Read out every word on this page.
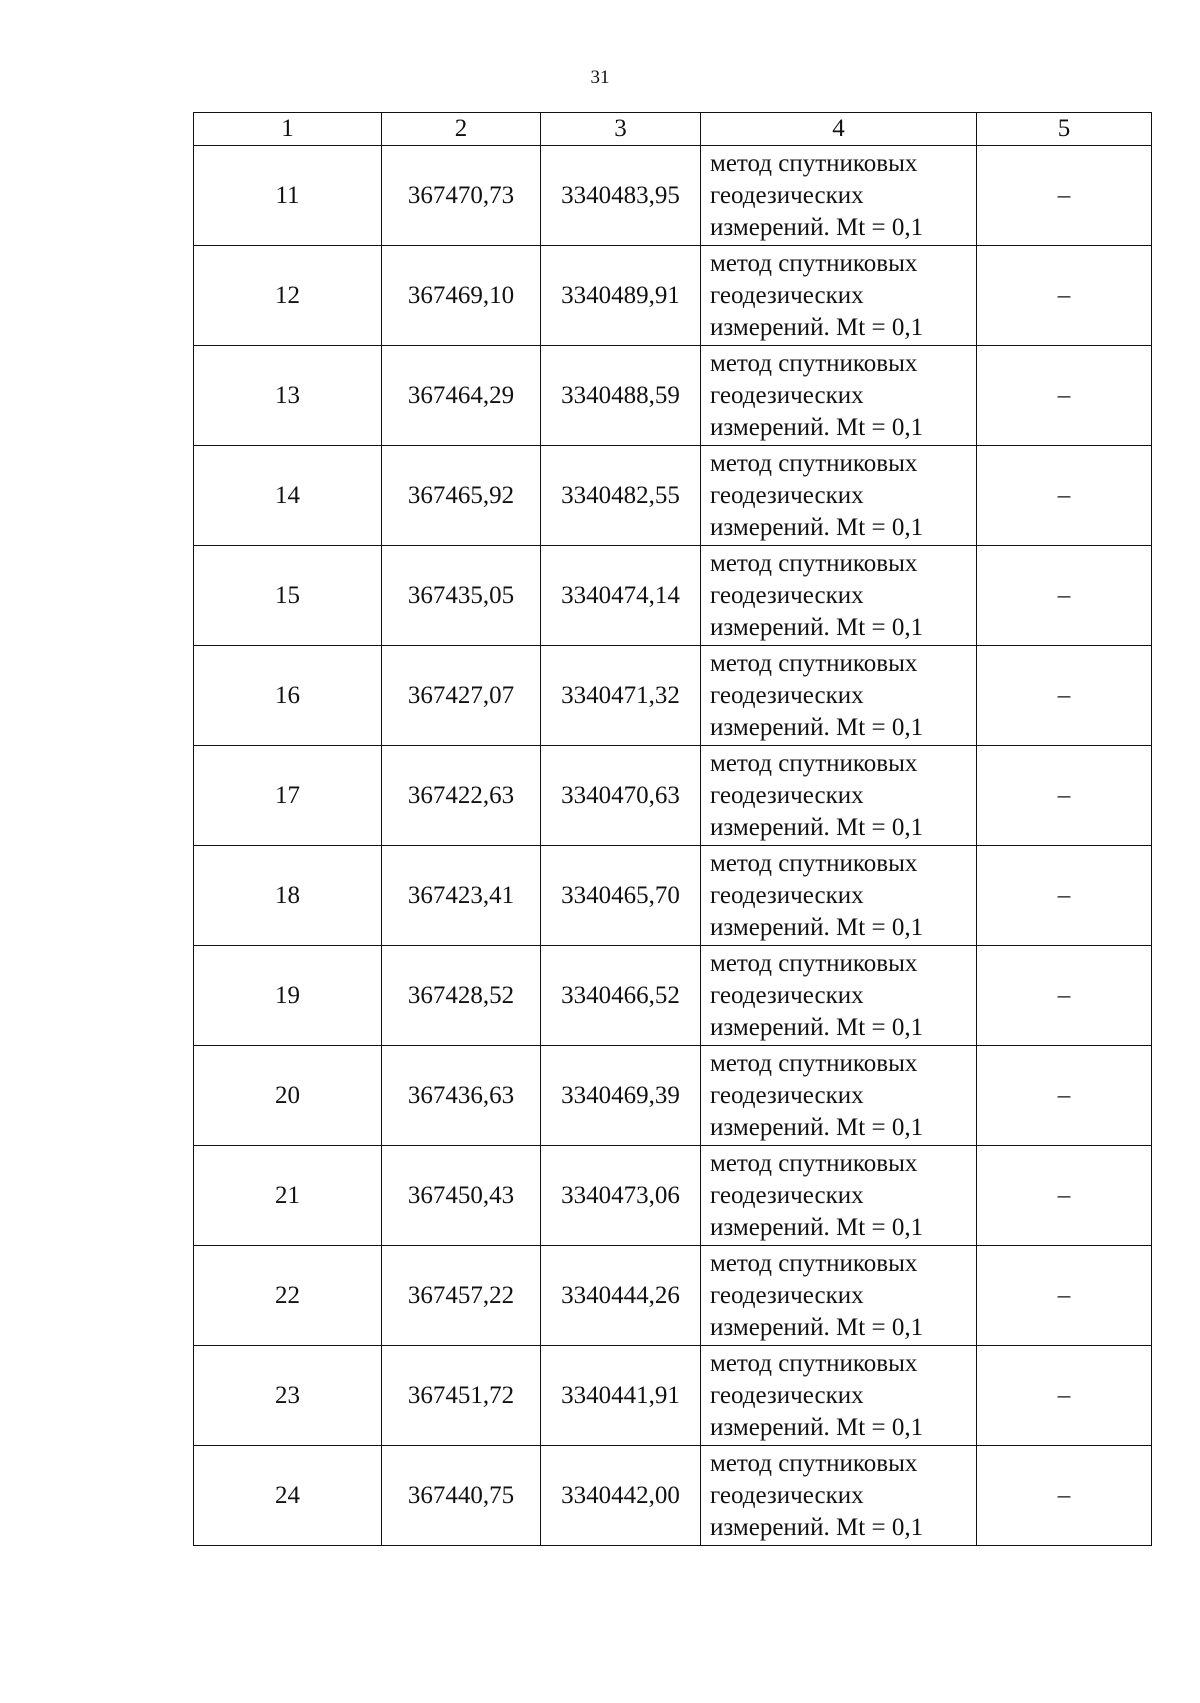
31
1	2	3	4	5
11	367470,73	3340483,95	метод спутниковых
геодезических
измерений. Mt = 0,1	–
12	367469,10	3340489,91	метод спутниковых
геодезических
измерений. Mt = 0,1	–
13	367464,29	3340488,59	метод спутниковых
геодезических
измерений. Mt = 0,1	–
14	367465,92	3340482,55	метод спутниковых
геодезических
измерений. Mt = 0,1	–
15	367435,05	3340474,14	метод спутниковых
геодезических
измерений. Mt = 0,1	–
16	367427,07	3340471,32	метод спутниковых
геодезических
измерений. Mt = 0,1	–
17	367422,63	3340470,63	метод спутниковых
геодезических
измерений. Mt = 0,1	–
18	367423,41	3340465,70	метод спутниковых
геодезических
измерений. Mt = 0,1	–
19	367428,52	3340466,52	метод спутниковых
геодезических
измерений. Mt = 0,1	–
20	367436,63	3340469,39	метод спутниковых
геодезических
измерений. Mt = 0,1	–
21	367450,43	3340473,06	метод спутниковых
геодезических
измерений. Mt = 0,1	–
22	367457,22	3340444,26	метод спутниковых
геодезических
измерений. Mt = 0,1	–
23	367451,72	3340441,91	метод спутниковых
геодезических
измерений. Mt = 0,1	–
24	367440,75	3340442,00	метод спутниковых
геодезических
измерений. Mt = 0,1	–
